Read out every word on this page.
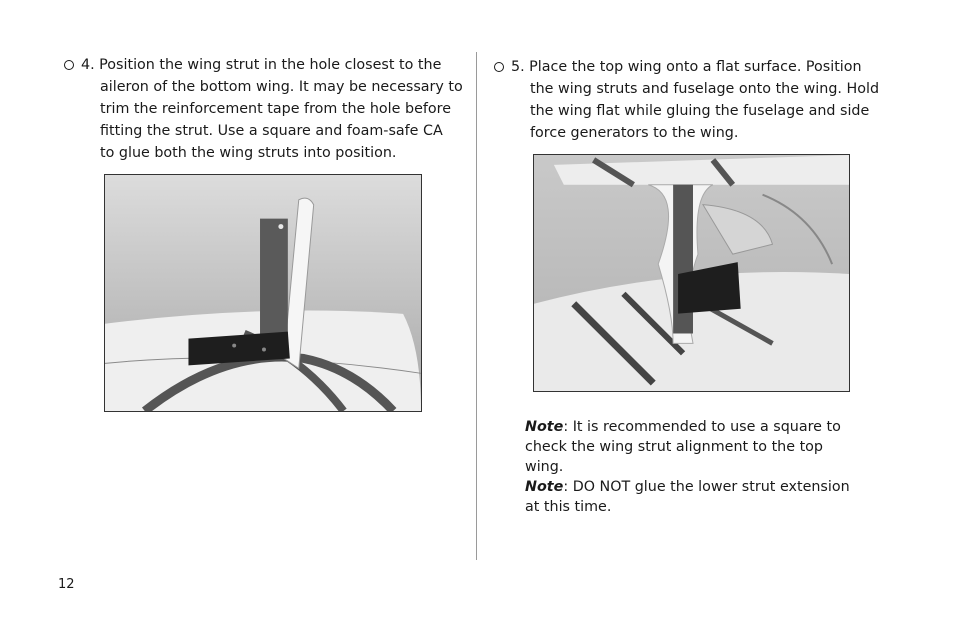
4. Position the wing strut in the hole closest to the
aileron of the bottom wing. It may be necessary to
trim the reinforcement tape from the hole before
fitting the strut. Use a square and foam-safe CA
to glue both the wing struts into position.
5. Place the top wing onto a flat surface. Position
the wing struts and fuselage onto the wing. Hold
the wing flat while gluing the fuselage and side
force generators to the wing.
Note: It is recommended to use a square to check the wing strut alignment to the top wing.
Note: DO NOT glue the lower strut extension at this time.
12
